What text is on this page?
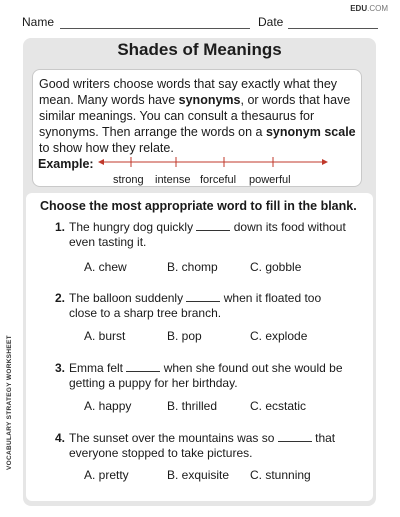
EDU.COM
Name	Date
Shades of Meanings
Good writers choose words that say exactly what they
mean. Many words have synonyms, or words that have
similar meanings. You can consult a thesaurus for
synonyms. Then arrange the words on a synonym scale
to show how they relate.
Example:
strong intense forceful powerful
Choose the most appropriate word to fill in the blank.
1. The hungry dog quickly	down its food without
even tasting it.
A. chew	B. chomp	C. gobble
2. The balloon suddenly	when it floated too
close to a sharp tree branch.
A. burst	B. pop	C. explode
3. Emma felt	when she found out she would be
getting a puppy for her birthday.
A. happy	B. thrilled	C. ecstatic
4. The sunset over the mountains was so	that
everyone stopped to take pictures.
A. pretty	B. exquisite C. stunning
VOCABULARY STRATEGY WORKSHEET
